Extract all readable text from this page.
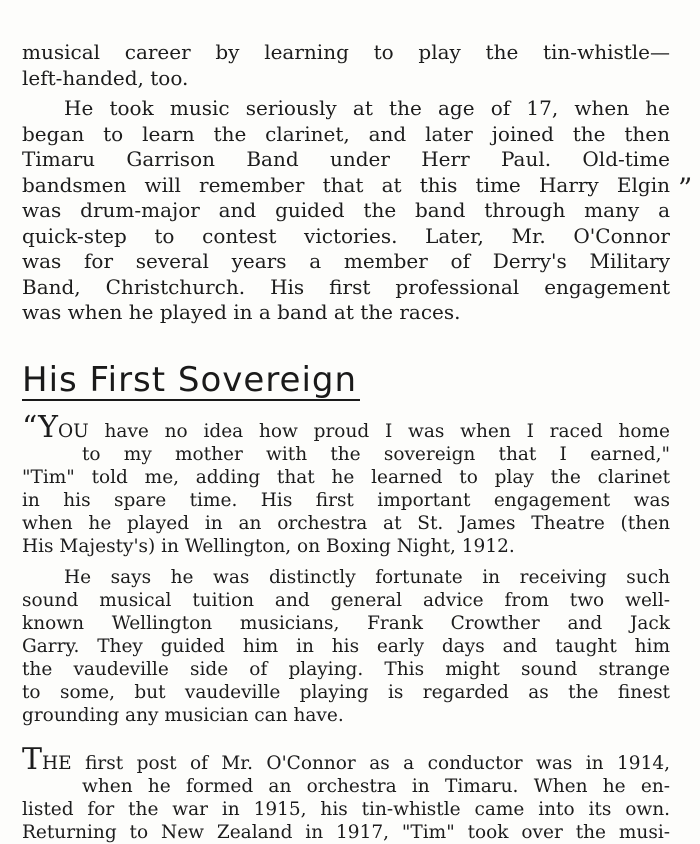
musical career by learning to play the tin-whistle—
left-handed, too.
He took music seriously at the age of 17, when he
began to learn the clarinet, and later joined the then
Timaru Garrison Band under Herr Paul. Old-time
bandsmen will remember that at this time Harry Elgin
was drum-major and guided the band through many a
quick-step to contest victories. Later, Mr. O'Connor
was for several years a member of Derry's Military
Band, Christchurch. His first professional engagement
was when he played in a band at the races.
”
His First Sovereign
“YOU have no idea how proud I was when I raced home
to my mother with the sovereign that I earned,"
"Tim" told me, adding that he learned to play the clarinet
in his spare time. His first important engagement was
when he played in an orchestra at St. James Theatre (then
His Majesty's) in Wellington, on Boxing Night, 1912.
He says he was distinctly fortunate in receiving such
sound musical tuition and general advice from two well-
known Wellington musicians, Frank Crowther and Jack
Garry. They guided him in his early days and taught him
the vaudeville side of playing. This might sound strange
to some, but vaudeville playing is regarded as the finest
grounding any musician can have.
THE first post of Mr. O'Connor as a conductor was in 1914,
when he formed an orchestra in Timaru. When he en-
listed for the war in 1915, his tin-whistle came into its own.
Returning to New Zealand in 1917, "Tim" took over the musi-
